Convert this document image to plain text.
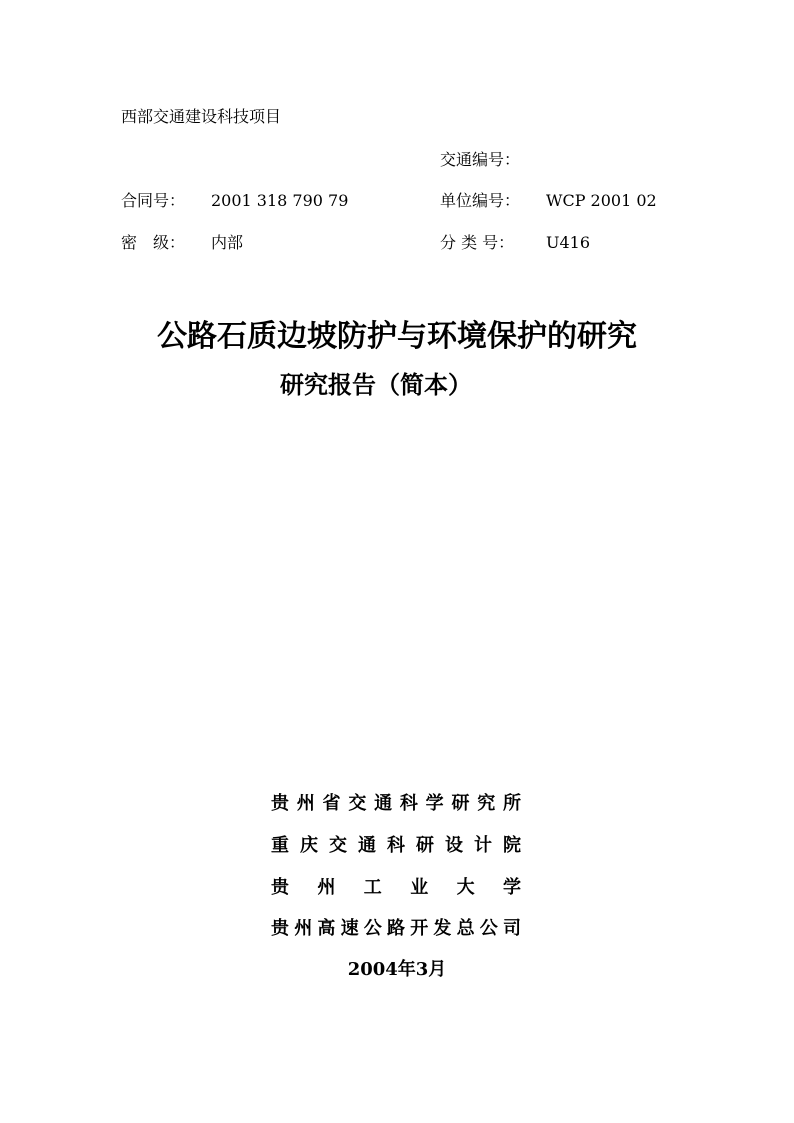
西部交通建设科技项目
交通编号：
合同号： 2001 318 790 79	单位编号： WCP 2001 02
密　级： 内部	分 类 号： U416
公路石质边坡防护与环境保护的研究
研究报告（简本）
贵州省交通科学研究所
重庆交通科研设计院
贵州工业大学
贵州高速公路开发总公司
2004年3月
